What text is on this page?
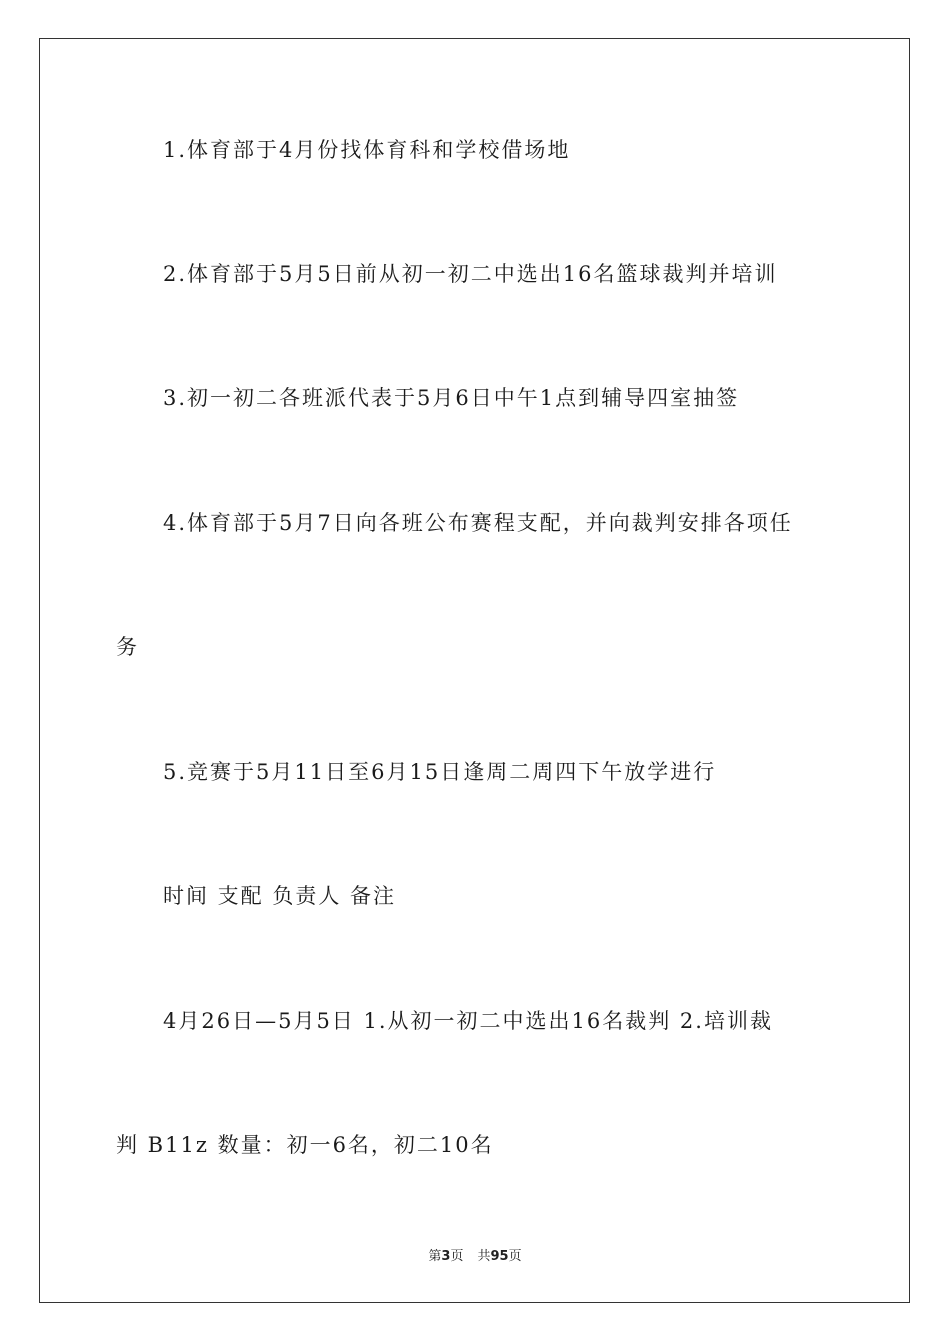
1.体育部于4月份找体育科和学校借场地
2.体育部于5月5日前从初一初二中选出16名篮球裁判并培训
3.初一初二各班派代表于5月6日中午1点到辅导四室抽签
4.体育部于5月7日向各班公布赛程支配，并向裁判安排各项任
务
5.竞赛于5月11日至6月15日逢周二周四下午放学进行
时间 支配 负责人 备注
4月26日—5月5日 1.从初一初二中选出16名裁判 2.培训裁
判 B11z 数量：初一6名，初二10名
第3页 共95页
